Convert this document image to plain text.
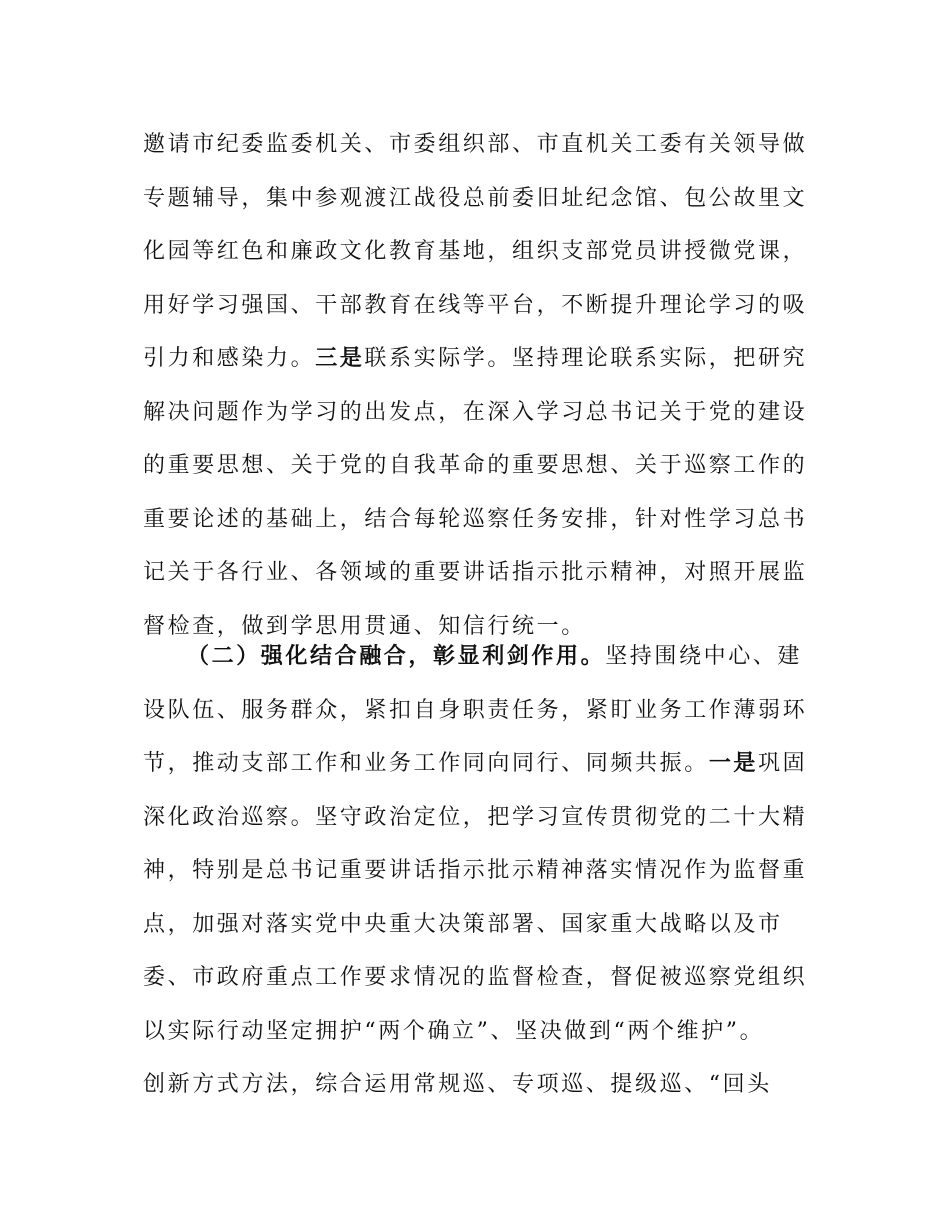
邀请市纪委监委机关、市委组织部、市直机关工委有关领导做
专题辅导，集中参观渡江战役总前委旧址纪念馆、包公故里文
化园等红色和廉政文化教育基地，组织支部党员讲授微党课，
用好学习强国、干部教育在线等平台，不断提升理论学习的吸
引力和感染力。三是联系实际学。坚持理论联系实际，把研究
解决问题作为学习的出发点，在深入学习总书记关于党的建设
的重要思想、关于党的自我革命的重要思想、关于巡察工作的
重要论述的基础上，结合每轮巡察任务安排，针对性学习总书
记关于各行业、各领域的重要讲话指示批示精神，对照开展监
督检查，做到学思用贯通、知信行统一。
（二）强化结合融合，彰显利剑作用。坚持围绕中心、建
设队伍、服务群众，紧扣自身职责任务，紧盯业务工作薄弱环
节，推动支部工作和业务工作同向同行、同频共振。一是巩固
深化政治巡察。坚守政治定位，把学习宣传贯彻党的二十大精
神，特别是总书记重要讲话指示批示精神落实情况作为监督重
点，加强对落实党中央重大决策部署、国家重大战略以及市
委、市政府重点工作要求情况的监督检查，督促被巡察党组织
以实际行动坚定拥护“两个确立”、坚决做到“两个维护”。
创新方式方法，综合运用常规巡、专项巡、提级巡、“回头
